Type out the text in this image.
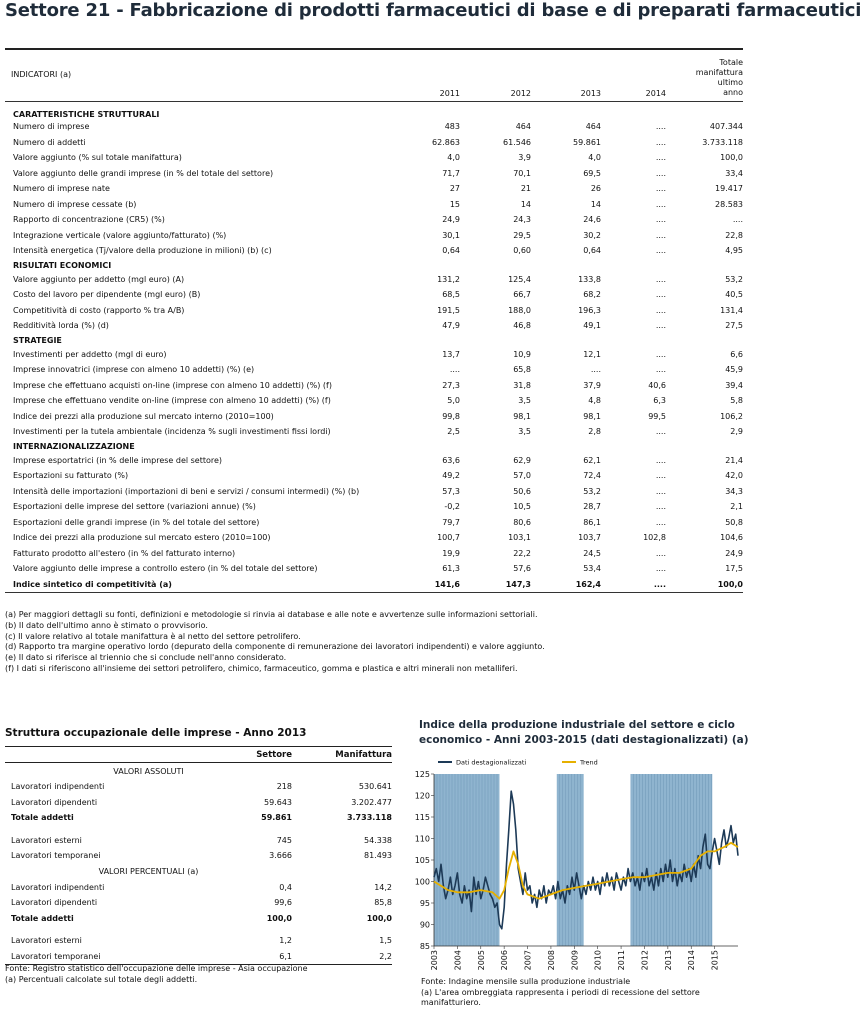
Settore 21 - Fabbricazione di prodotti farmaceutici di base e di preparati farmaceutici
INDICATORI (a)	2011	2012	2013	2014	Totale
manifattura
ultimo
anno

CARATTERISTICHE STRUTTURALI					
Numero di imprese	483	464	464	....	407.344
Numero di addetti	62.863	61.546	59.861	....	3.733.118
Valore aggiunto (% sul totale manifattura)	4,0	3,9	4,0	....	100,0
Valore aggiunto delle grandi imprese (in % del totale del settore)	71,7	70,1	69,5	....	33,4
Numero di imprese nate	27	21	26	....	19.417
Numero di imprese cessate (b)	15	14	14	....	28.583
Rapporto di concentrazione (CR5) (%)	24,9	24,3	24,6	....	....
Integrazione verticale (valore aggiunto/fatturato) (%)	30,1	29,5	30,2	....	22,8
Intensità energetica (Tj/valore della produzione in milioni) (b) (c)	0,64	0,60	0,64	....	4,95
RISULTATI ECONOMICI					
Valore aggiunto per addetto (mgl euro) (A)	131,2	125,4	133,8	....	53,2
Costo del lavoro per dipendente (mgl euro) (B)	68,5	66,7	68,2	....	40,5
Competitività di costo (rapporto % tra A/B)	191,5	188,0	196,3	....	131,4
Redditività lorda (%) (d)	47,9	46,8	49,1	....	27,5
STRATEGIE					
Investimenti per addetto (mgl di euro)	13,7	10,9	12,1	....	6,6
Imprese innovatrici (imprese con almeno 10 addetti) (%) (e)	....	65,8	....	....	45,9
Imprese che effettuano acquisti on-line (imprese con almeno 10 addetti) (%) (f)	27,3	31,8	37,9	40,6	39,4
Imprese che effettuano vendite on-line (imprese con almeno 10 addetti) (%) (f)	5,0	3,5	4,8	6,3	5,8
Indice dei prezzi alla produzione sul mercato interno (2010=100)	99,8	98,1	98,1	99,5	106,2
Investimenti per la tutela ambientale (incidenza % sugli investimenti fissi lordi)	2,5	3,5	2,8	....	2,9
INTERNAZIONALIZZAZIONE					
Imprese esportatrici (in % delle imprese del settore)	63,6	62,9	62,1	....	21,4
Esportazioni su fatturato (%)	49,2	57,0	72,4	....	42,0
Intensità delle importazioni (importazioni di beni e servizi / consumi intermedi) (%) (b)	57,3	50,6	53,2	....	34,3
Esportazioni delle imprese del settore (variazioni annue) (%)	-0,2	10,5	28,7	....	2,1
Esportazioni delle grandi imprese (in % del totale del settore)	79,7	80,6	86,1	....	50,8
Indice dei prezzi alla produzione sul mercato estero (2010=100)	100,7	103,1	103,7	102,8	104,6
Fatturato prodotto all'estero (in % del fatturato interno)	19,9	22,2	24,5	....	24,9
Valore aggiunto delle imprese a controllo estero (in % del totale del settore)	61,3	57,6	53,4	....	17,5
Indice sintetico di competitività (a)	141,6	147,3	162,4	....	100,0
(a) Per maggiori dettagli su fonti, definizioni e metodologie si rinvia ai database e alle note e avvertenze sulle informazioni settoriali.
(b) Il dato dell'ultimo anno è stimato o provvisorio.
(c) Il valore relativo al totale manifattura è al netto del settore petrolifero.
(d) Rapporto tra margine operativo lordo (depurato della componente di remunerazione dei lavoratori indipendenti) e valore aggiunto.
(e) Il dato si riferisce al triennio che si conclude nell'anno considerato.
(f) I dati si riferiscono all'insieme dei settori petrolifero, chimico, farmaceutico, gomma e plastica e altri minerali non metalliferi.
Struttura occupazionale delle imprese - Anno 2013
	Settore	Manifattura
VALORI ASSOLUTI		
Lavoratori indipendenti	218	530.641
Lavoratori dipendenti	59.643	3.202.477
Totale addetti	59.861	3.733.118

Lavoratori esterni	745	54.338
Lavoratori temporanei	3.666	81.493
VALORI PERCENTUALI (a)		
Lavoratori indipendenti	0,4	14,2
Lavoratori dipendenti	99,6	85,8
Totale addetti	100,0	100,0

Lavoratori esterni	1,2	1,5
Lavoratori temporanei	6,1	2,2
Fonte: Registro statistico dell'occupazione delle imprese - Asia occupazione
(a) Percentuali calcolate sul totale degli addetti.
Indice della produzione industriale del settore e ciclo economico - Anni 2003-2015 (dati destagionalizzati) (a)
85
90
95
100
105
110
115
120
125
2003 2004 2005 2006 2007 2008 2009 2010 2011 2012 2013 2014 2015
Dati destagionalizzati	Trend
Fonte: Indagine mensile sulla produzione industriale
(a) L'area ombreggiata rappresenta i periodi di recessione del settore manifatturiero.
